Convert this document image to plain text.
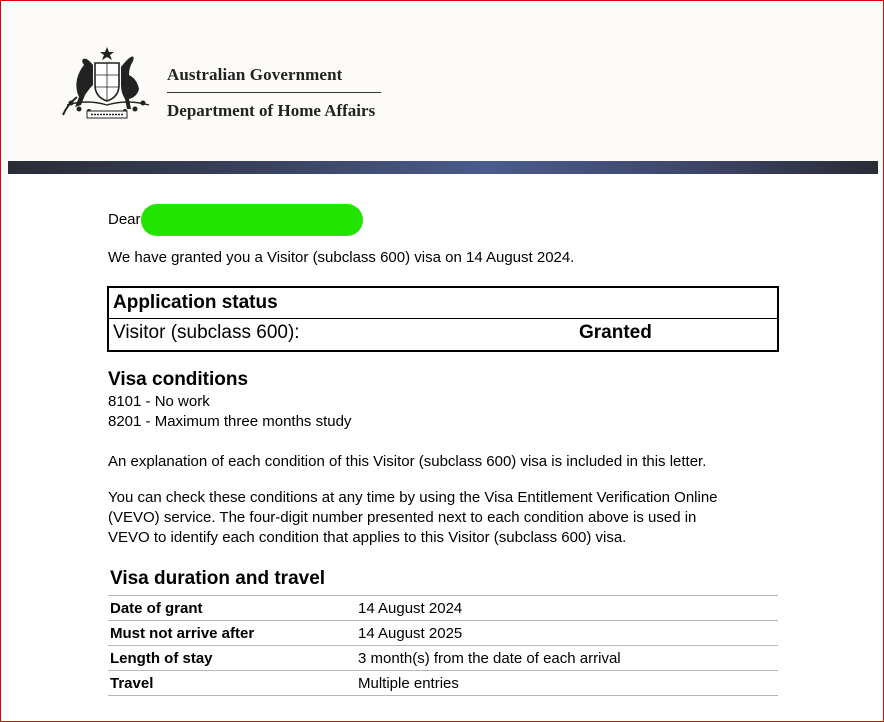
Australian Government
Department of Home Affairs
Dear
We have granted you a Visitor (subclass 600) visa on 14 August 2024.
Application status
Visitor (subclass 600):	Granted
Visa conditions
8101 - No work
8201 - Maximum three months study
An explanation of each condition of this Visitor (subclass 600) visa is included in this letter.
You can check these conditions at any time by using the Visa Entitlement Verification Online
(VEVO) service. The four-digit number presented next to each condition above is used in
VEVO to identify each condition that applies to this Visitor (subclass 600) visa.
Visa duration and travel
Date of grant	14 August 2024
Must not arrive after	14 August 2025
Length of stay	3 month(s) from the date of each arrival
Travel	Multiple entries
